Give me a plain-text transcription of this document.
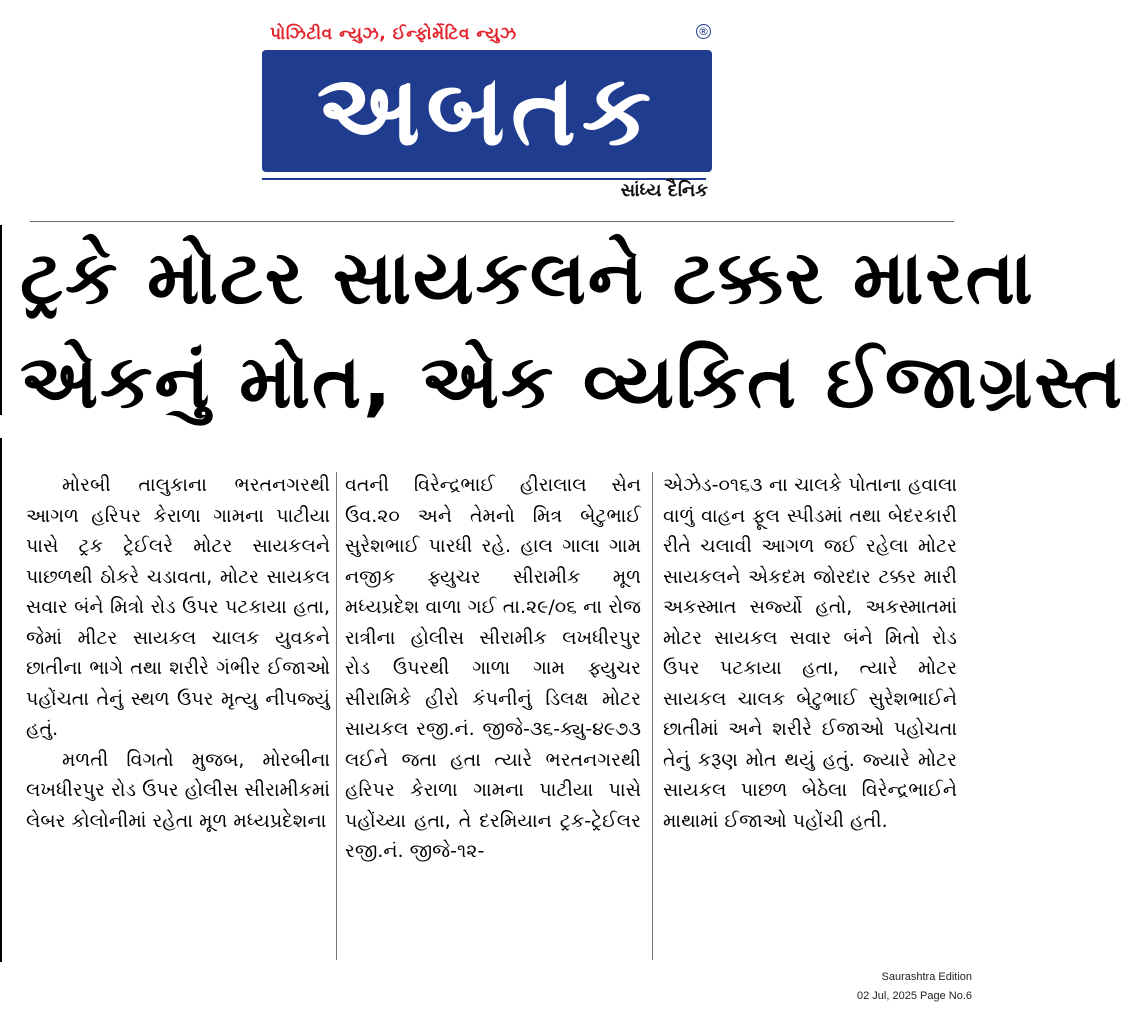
પોઝિટીવ ન્યુઝ, ઈન્ફોર્મેટિવ ન્યુઝ	®
અબતક
સાંધ્ય દૈનિક
ટ્રકે મોટર સાયકલને ટક્કર મારતા
એકનું મોત, એક વ્યકિત ઈજાગ્રસ્ત

મોરબી તાલુકાના ભરતનગરથી આગળ હરિપર કેરાળા ગામના પાટીયા પાસે ટ્રક ટ્રેઈલરે મોટર સાયકલને પાછળથી ઠોકરે ચડાવતા, મોટર સાયકલ સવાર બંને મિત્રો રોડ ઉપર પટકાયા હતા, જેમાં મીટર સાયકલ ચાલક યુવકને છાતીના ભાગે તથા શરીરે ગંભીર ઈજાઓ પહોંચતા તેનું સ્થળ ઉપર મૃત્યુ નીપજ્યું હતું.

મળતી વિગતો મુજબ, મોરબીના લખધીરપુર રોડ ઉપર હોલીસ સીરામીકમાં લેબર કોલોનીમાં રહેતા મૂળ મધ્યપ્રદેશના

વતની વિરેન્દ્રભાઈ હીરાલાલ સેન ઉવ.૨૦ અને તેમનો મિત્ર બેટુભાઈ સુરેશભાઈ પારધી રહે. હાલ ગાલા ગામ નજીક ફ્યુચર સીરામીક મૂળ મધ્યપ્રદેશ વાળા ગઈ તા.૨૯/૦૬ ના રોજ રાત્રીના હોલીસ સીરામીક લખધીરપુર રોડ ઉપરથી ગાળા ગામ ફ્યુચર સીરામિકે હીરો કંપનીનું ડિલક્ષ મોટર સાયકલ રજી.નં. જીજે-૩૬-ક્યુ-૪૯૭૩ લઈને જતા હતા ત્યારે ભરતનગરથી હરિપર કેરાળા ગામના પાટીયા પાસે પહોંચ્યા હતા, તે દરમિયાન ટ્રક-ટ્રેઈલર રજી.નં. જીજે-૧૨-

એઝેડ-૦૧૬૩ ના ચાલકે પોતાના હવાલા વાળું વાહન ફૂલ સ્પીડમાં તથા બેદરકારી રીતે ચલાવી આગળ જઈ રહેલા મોટર સાયકલને એકદમ જોરદાર ટક્કર મારી અકસ્માત સર્જ્યો હતો, અકસ્માતમાં મોટર સાયકલ સવાર બંને મિતો રોડ ઉપર પટકાયા હતા, ત્યારે મોટર સાયકલ ચાલક બેટુભાઈ સુરેશભાઈને છાતીમાં અને શરીરે ઈજાઓ પહોચતા તેનું કરૂણ મોત થયું હતું. જ્યારે મોટર સાયકલ પાછળ બેઠેલા વિરેન્દ્રભાઈને માથામાં ઈજાઓ પહોંચી હતી.

Saurashtra Edition
02 Jul, 2025 Page No.6
